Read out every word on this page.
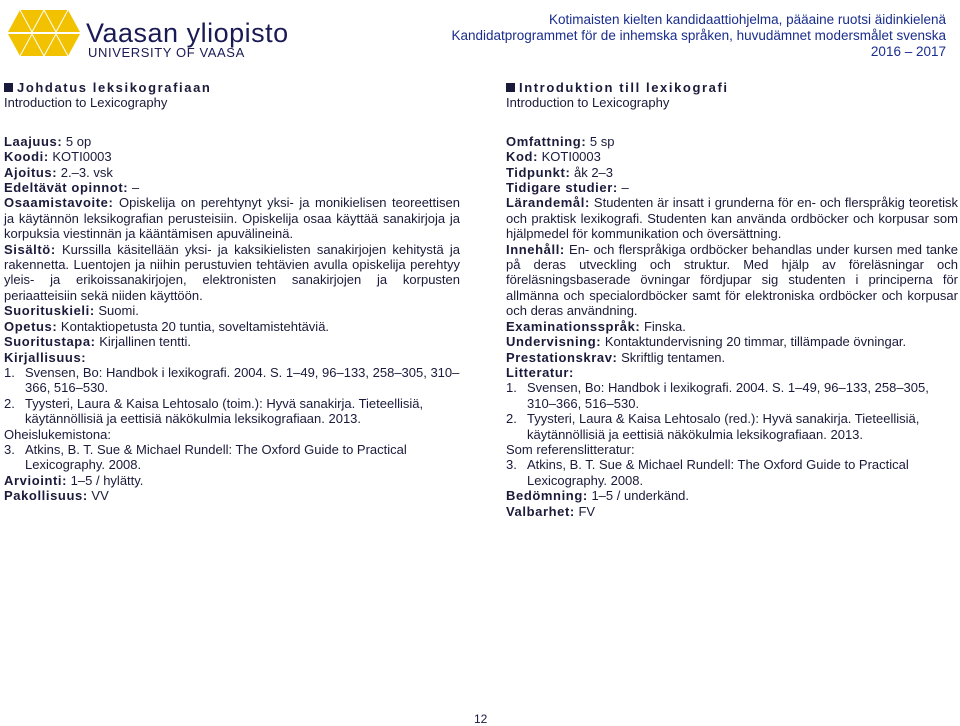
Vaasan yliopisto
UNIVERSITY OF VAASA
Kotimaisten kielten kandidaattiohjelma, pääaine ruotsi äidinkielenä
Kandidatprogrammet för de inhemska språken, huvudämnet modersmålet svenska
2016 – 2017
Johdatus leksikografiaan
Introduction to Lexicography
Laajuus: 5 op
Koodi: KOTI0003
Ajoitus: 2.–3. vsk
Edeltävät opinnot: –
Osaamistavoite: Opiskelija on perehtynyt yksi- ja monikielisen teoreettisen ja käytännön leksikografian perusteisiin. Opiskelija osaa käyttää sanakirjoja ja korpuksia viestinnän ja kääntämisen apuvälineinä.
Sisältö: Kurssilla käsitellään yksi- ja kaksikielisten sanakirjojen kehitystä ja rakennetta. Luentojen ja niihin perustuvien tehtävien avulla opiskelija perehtyy yleis- ja erikoissanakirjojen, elektronisten sanakirjojen ja korpusten periaatteisiin sekä niiden käyttöön.
Suorituskieli: Suomi.
Opetus: Kontaktiopetusta 20 tuntia, soveltamistehtäviä.
Suoritustapa: Kirjallinen tentti.
Kirjallisuus:
1. Svensen, Bo: Handbok i lexikografi. 2004. S. 1–49, 96–133, 258–305, 310–366, 516–530.
2. Tyysteri, Laura & Kaisa Lehtosalo (toim.): Hyvä sanakirja. Tieteellisiä, käytännöllisiä ja eettisiä näkökulmia leksikografiaan. 2013.
Oheislukemistona:
3. Atkins, B. T. Sue & Michael Rundell: The Oxford Guide to Practical Lexicography. 2008.
Arviointi: 1–5 / hylätty.
Pakollisuus: VV
Introduktion till lexikografi
Introduction to Lexicography
Omfattning: 5 sp
Kod: KOTI0003
Tidpunkt: åk 2–3
Tidigare studier: –
Lärandemål: Studenten är insatt i grunderna för en- och flerspråkig teoretisk och praktisk lexikografi. Studenten kan använda ordböcker och korpusar som hjälpmedel för kommunikation och översättning.
Innehåll: En- och flerspråkiga ordböcker behandlas under kursen med tanke på deras utveckling och struktur. Med hjälp av föreläsningar och föreläsningsbaserade övningar fördjupar sig studenten i principerna för allmänna och specialordböcker samt för elektroniska ordböcker och korpusar och deras användning.
Examinationsspråk: Finska.
Undervisning: Kontaktundervisning 20 timmar, tillämpade övningar.
Prestationskrav: Skriftlig tentamen.
Litteratur:
1. Svensen, Bo: Handbok i lexikografi. 2004. S. 1–49, 96–133, 258–305, 310–366, 516–530.
2. Tyysteri, Laura & Kaisa Lehtosalo (red.): Hyvä sanakirja. Tieteellisiä, käytännöllisiä ja eettisiä näkökulmia leksikografiaan. 2013.
Som referenslitteratur:
3. Atkins, B. T. Sue & Michael Rundell: The Oxford Guide to Practical Lexicography. 2008.
Bedömning: 1–5 / underkänd.
Valbarhet: FV
12
